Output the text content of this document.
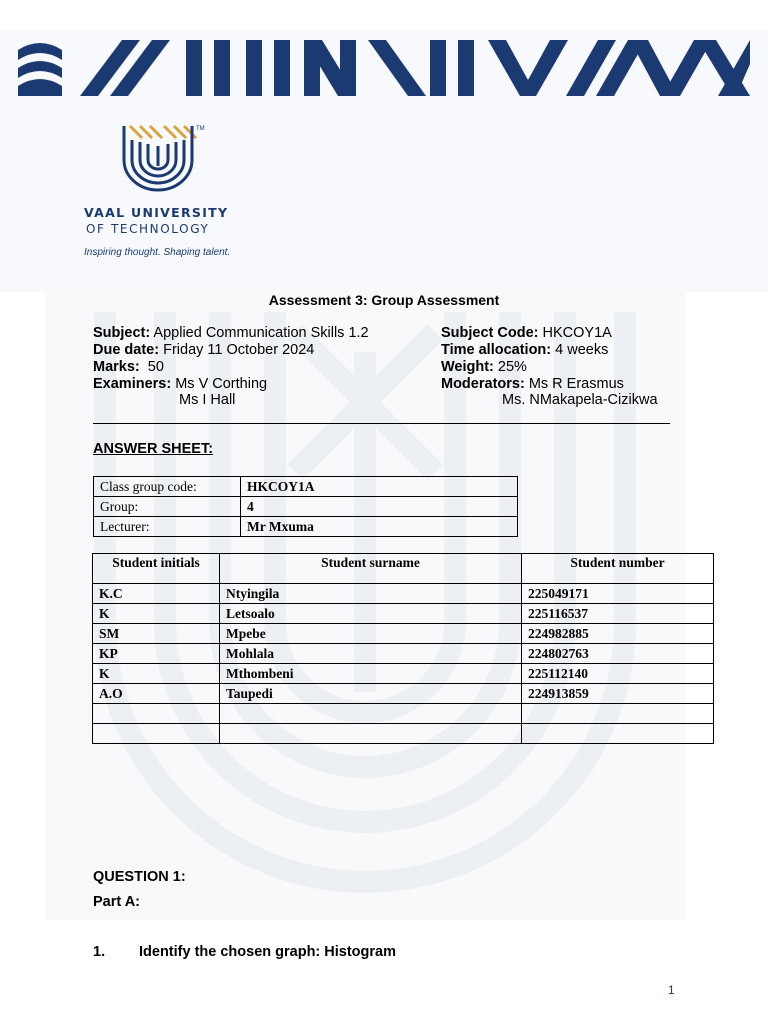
TM
VAAL UNIVERSITY
OF TECHNOLOGY
Inspiring thought. Shaping talent.
Assessment 3: Group Assessment
Subject: Applied Communication Skills 1.2
Due date: Friday 11 October 2024
Marks:  50
Examiners: Ms V Corthing
Ms I Hall
Subject Code: HKCOY1A
Time allocation: 4 weeks
Weight: 25%
Moderators: Ms R Erasmus
Ms. NMakapela-Cizikwa
ANSWER SHEET:
Class group code:	HKCOY1A
Group:	4
Lecturer:	Mr Mxuma
Student initials	Student surname	Student number
K.C	Ntyingila	225049171
K	Letsoalo	225116537
SM	Mpebe	224982885
KP	Mohlala	224802763
K	Mthombeni	225112140
A.O	Taupedi	224913859

QUESTION 1:
Part A:
1. Identify the chosen graph: Histogram
1
